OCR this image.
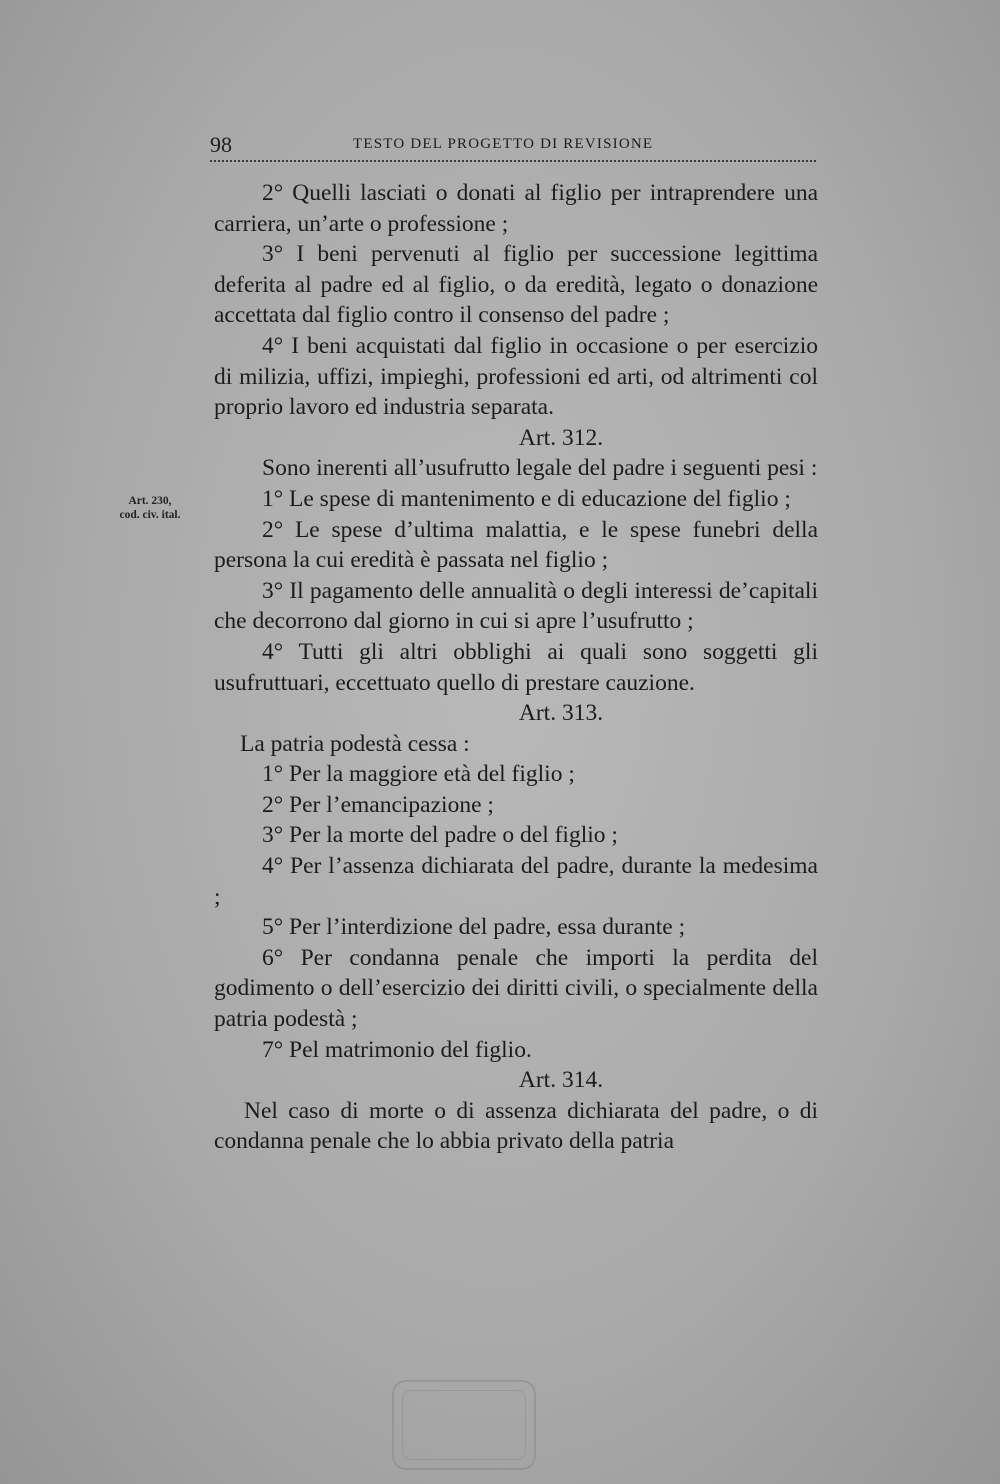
98	TESTO DEL PROGETTO DI REVISIONE
Art. 230,
cod. civ. ital.

2° Quelli lasciati o donati al figlio per intraprendere una carriera, un’arte o professione ;

3° I beni pervenuti al figlio per successione legittima deferita al padre ed al figlio, o da eredità, legato o donazione accettata dal figlio contro il consenso del padre ;

4° I beni acquistati dal figlio in occasione o per esercizio di milizia, uffizi, impieghi, professioni ed arti, od altrimenti col proprio lavoro ed industria separata.

Art. 312.

Sono inerenti all’usufrutto legale del padre i seguenti pesi :

1° Le spese di mantenimento e di educazione del figlio ;

2° Le spese d’ultima malattia, e le spese funebri della persona la cui eredità è passata nel figlio ;

3° Il pagamento delle annualità o degli interessi de’capitali che decorrono dal giorno in cui si apre l’usufrutto ;

4° Tutti gli altri obblighi ai quali sono soggetti gli usufruttuari, eccettuato quello di prestare cauzione.

Art. 313.

La patria podestà cessa :

1° Per la maggiore età del figlio ;

2° Per l’emancipazione ;

3° Per la morte del padre o del figlio ;

4° Per l’assenza dichiarata del padre, durante la medesima ;

5° Per l’interdizione del padre, essa durante ;

6° Per condanna penale che importi la perdita del godimento o dell’esercizio dei diritti civili, o specialmente della patria podestà ;

7° Pel matrimonio del figlio.

Art. 314.

Nel caso di morte o di assenza dichiarata del padre, o di condanna penale che lo abbia privato della patria
